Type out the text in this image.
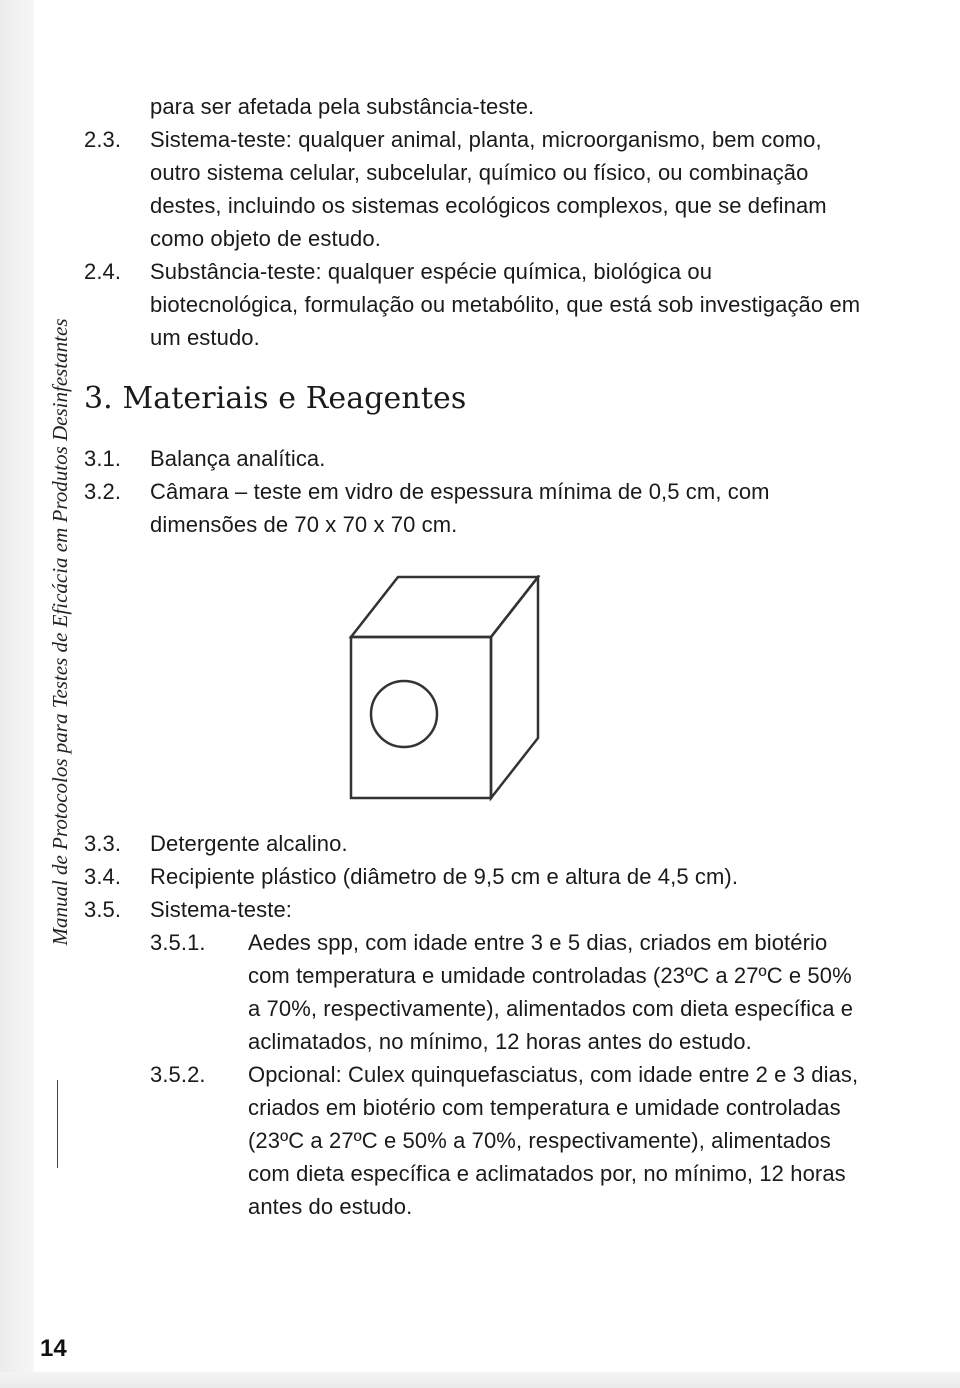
Manual de Protocolos para Testes de Eficácia em Produtos Desinfestantes
14
para ser afetada pela substância-teste.
2.3.	Sistema-teste: qualquer animal, planta, microorganismo, bem como, outro sistema celular, subcelular, químico ou físico, ou combinação destes, incluindo os sistemas ecológicos complexos, que se definam como objeto de estudo.
2.4.	Substância-teste: qualquer espécie química, biológica ou biotecnológica, formulação ou metabólito, que está sob investigação em um estudo.
3. Materiais e Reagentes
3.1.	Balança analítica.
3.2.	Câmara – teste em vidro de espessura mínima de 0,5 cm, com dimensões de 70 x 70 x 70 cm.
3.3.	Detergente alcalino.
3.4.	Recipiente plástico (diâmetro de 9,5 cm e altura de 4,5 cm).
3.5.	Sistema-teste:
3.5.1.	Aedes spp, com idade entre 3 e 5 dias, criados em biotério com temperatura e umidade controladas (23ºC a 27ºC e 50% a 70%, respectivamente), alimentados com dieta específica e aclimatados, no mínimo, 12 horas antes do estudo.
3.5.2.	Opcional: Culex quinquefasciatus, com idade entre 2 e 3 dias, criados em biotério com temperatura e umidade controladas (23ºC a 27ºC e 50% a 70%, respectivamente), alimentados com dieta específica e aclimatados por, no mínimo, 12 horas antes do estudo.
